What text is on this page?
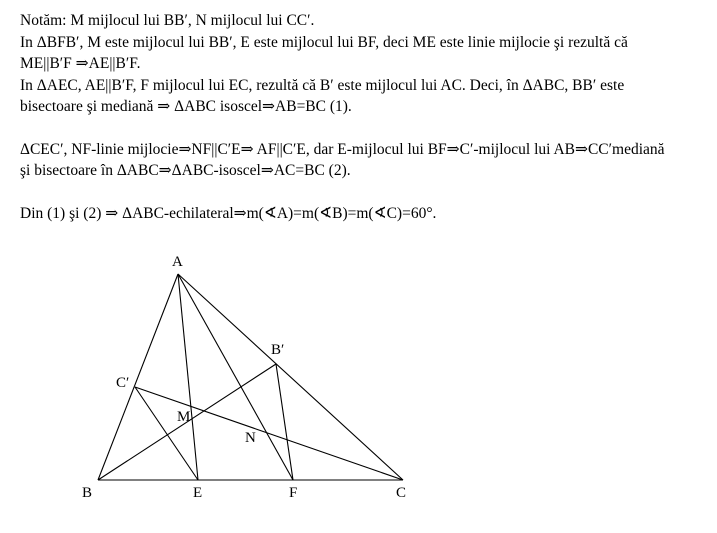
Notăm: M mijlocul lui BB′, N mijlocul lui CC′.
In ΔBFB′, M este mijlocul lui BB′, E este mijlocul lui BF, deci ME este linie mijlocie şi rezultă că
ME||B′F ⇒AE||B′F.
In ΔAEC, AE||B′F, F mijlocul lui EC, rezultă că B′ este mijlocul lui AC. Deci, în ΔABC, BB′ este
bisectoare şi mediană ⇒ ΔABC isoscel⇒AB=BC (1).
ΔCEC′, NF-linie mijlocie⇒NF||C′E⇒ AF||C′E, dar E-mijlocul lui BF⇒C′-mijlocul lui AB⇒CC′mediană
şi bisectoare în ΔABC⇒ΔABC-isoscel⇒AC=BC (2).
Din (1) şi (2) ⇒ ΔABC-echilateral⇒m(∢A)=m(∢B)=m(∢C)=60°.
A
B	C
E	F
M
N
B′
C′
